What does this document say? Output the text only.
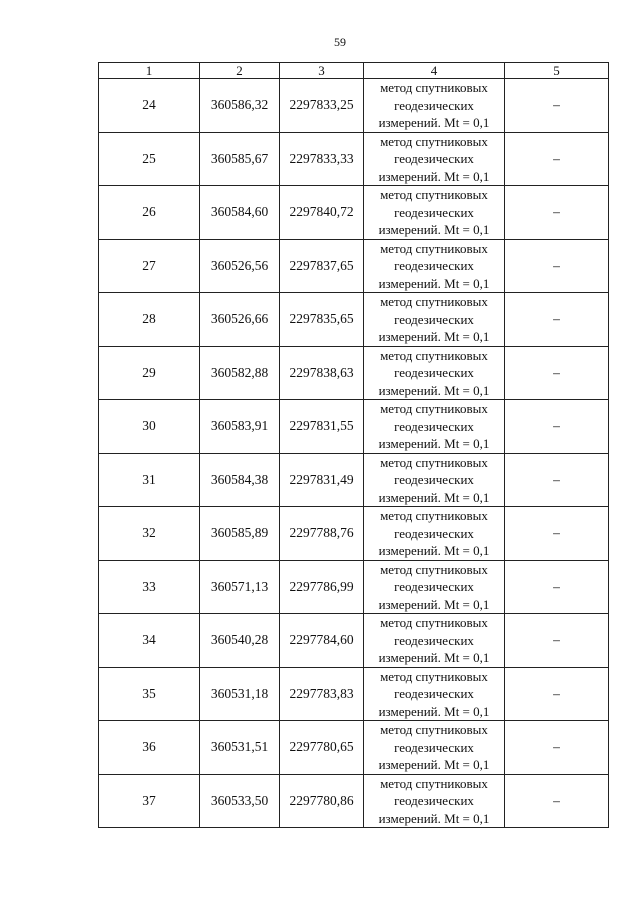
59
1	2	3	4	5
24	360586,32	2297833,25	метод спутниковых
геодезических
измерений. Mt = 0,1	–
25	360585,67	2297833,33	метод спутниковых
геодезических
измерений. Mt = 0,1	–
26	360584,60	2297840,72	метод спутниковых
геодезических
измерений. Mt = 0,1	–
27	360526,56	2297837,65	метод спутниковых
геодезических
измерений. Mt = 0,1	–
28	360526,66	2297835,65	метод спутниковых
геодезических
измерений. Mt = 0,1	–
29	360582,88	2297838,63	метод спутниковых
геодезических
измерений. Mt = 0,1	–
30	360583,91	2297831,55	метод спутниковых
геодезических
измерений. Mt = 0,1	–
31	360584,38	2297831,49	метод спутниковых
геодезических
измерений. Mt = 0,1	–
32	360585,89	2297788,76	метод спутниковых
геодезических
измерений. Mt = 0,1	–
33	360571,13	2297786,99	метод спутниковых
геодезических
измерений. Mt = 0,1	–
34	360540,28	2297784,60	метод спутниковых
геодезических
измерений. Mt = 0,1	–
35	360531,18	2297783,83	метод спутниковых
геодезических
измерений. Mt = 0,1	–
36	360531,51	2297780,65	метод спутниковых
геодезических
измерений. Mt = 0,1	–
37	360533,50	2297780,86	метод спутниковых
геодезических
измерений. Mt = 0,1	–
